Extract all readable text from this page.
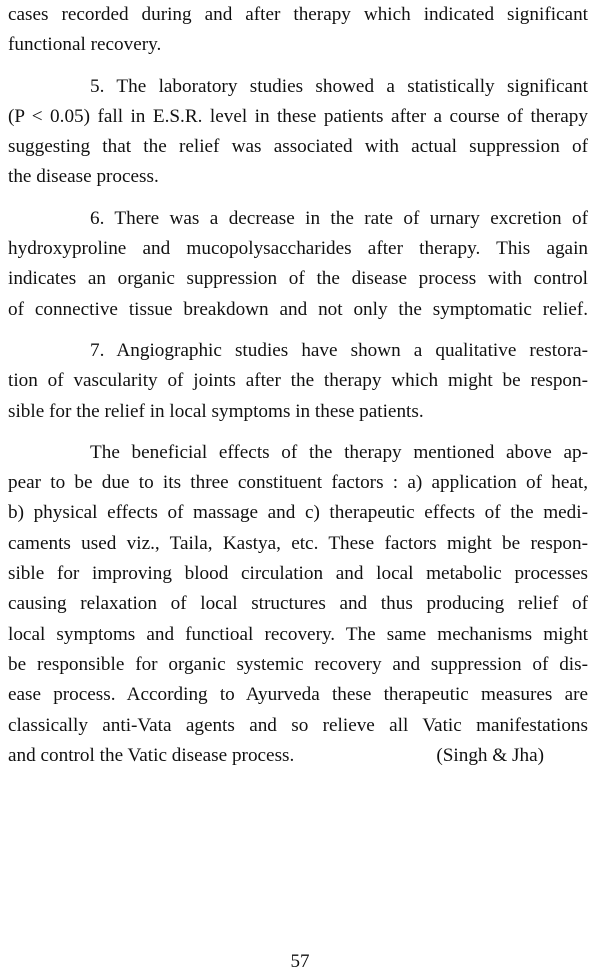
cases recorded during and after therapy which indicated significant
functional recovery.
5. The laboratory studies showed a statistically significant
(P < 0.05) fall in E.S.R. level in these patients after a course of therapy
suggesting that the relief was associated with actual suppression of
the disease process.
6. There was a decrease in the rate of urnary excretion of
hydroxyproline and mucopolysaccharides after therapy. This again
indicates an organic suppression of the disease process with control
of connective tissue breakdown and not only the symptomatic relief.
7. Angiographic studies have shown a qualitative restora-
tion of vascularity of joints after the therapy which might be respon-
sible for the relief in local symptoms in these patients.
The beneficial effects of the therapy mentioned above ap-
pear to be due to its three constituent factors : a) application of heat,
b) physical effects of massage and c) therapeutic effects of the medi-
caments used viz., Taila, Kastya, etc. These factors might be respon-
sible for improving blood circulation and local metabolic processes
causing relaxation of local structures and thus producing relief of
local symptoms and functioal recovery. The same mechanisms might
be responsible for organic systemic recovery and suppression of dis-
ease process. According to Ayurveda these therapeutic measures are
classically anti-Vata agents and so relieve all Vatic manifestations
and control the Vatic disease process.	(Singh & Jha)
57
